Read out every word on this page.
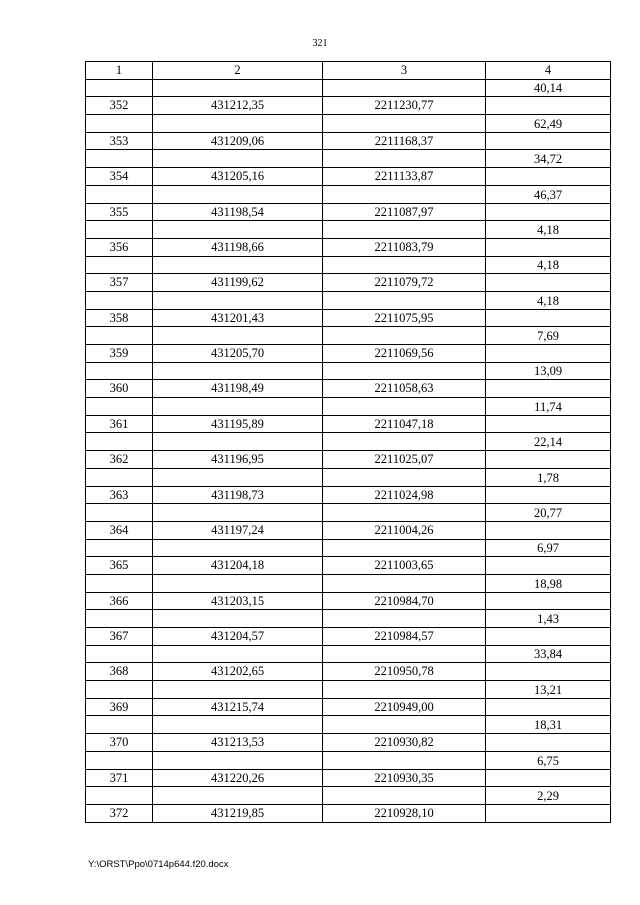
321
1	2	3	4
			40,14
352	431212,35	2211230,77	
			62,49
353	431209,06	2211168,37	
			34,72
354	431205,16	2211133,87	
			46,37
355	431198,54	2211087,97	
			4,18
356	431198,66	2211083,79	
			4,18
357	431199,62	2211079,72	
			4,18
358	431201,43	2211075,95	
			7,69
359	431205,70	2211069,56	
			13,09
360	431198,49	2211058,63	
			11,74
361	431195,89	2211047,18	
			22,14
362	431196,95	2211025,07	
			1,78
363	431198,73	2211024,98	
			20,77
364	431197,24	2211004,26	
			6,97
365	431204,18	2211003,65	
			18,98
366	431203,15	2210984,70	
			1,43
367	431204,57	2210984,57	
			33,84
368	431202,65	2210950,78	
			13,21
369	431215,74	2210949,00	
			18,31
370	431213,53	2210930,82	
			6,75
371	431220,26	2210930,35	
			2,29
372	431219,85	2210928,10	
Y:\ORST\Ppo\0714p644.f20.docx
